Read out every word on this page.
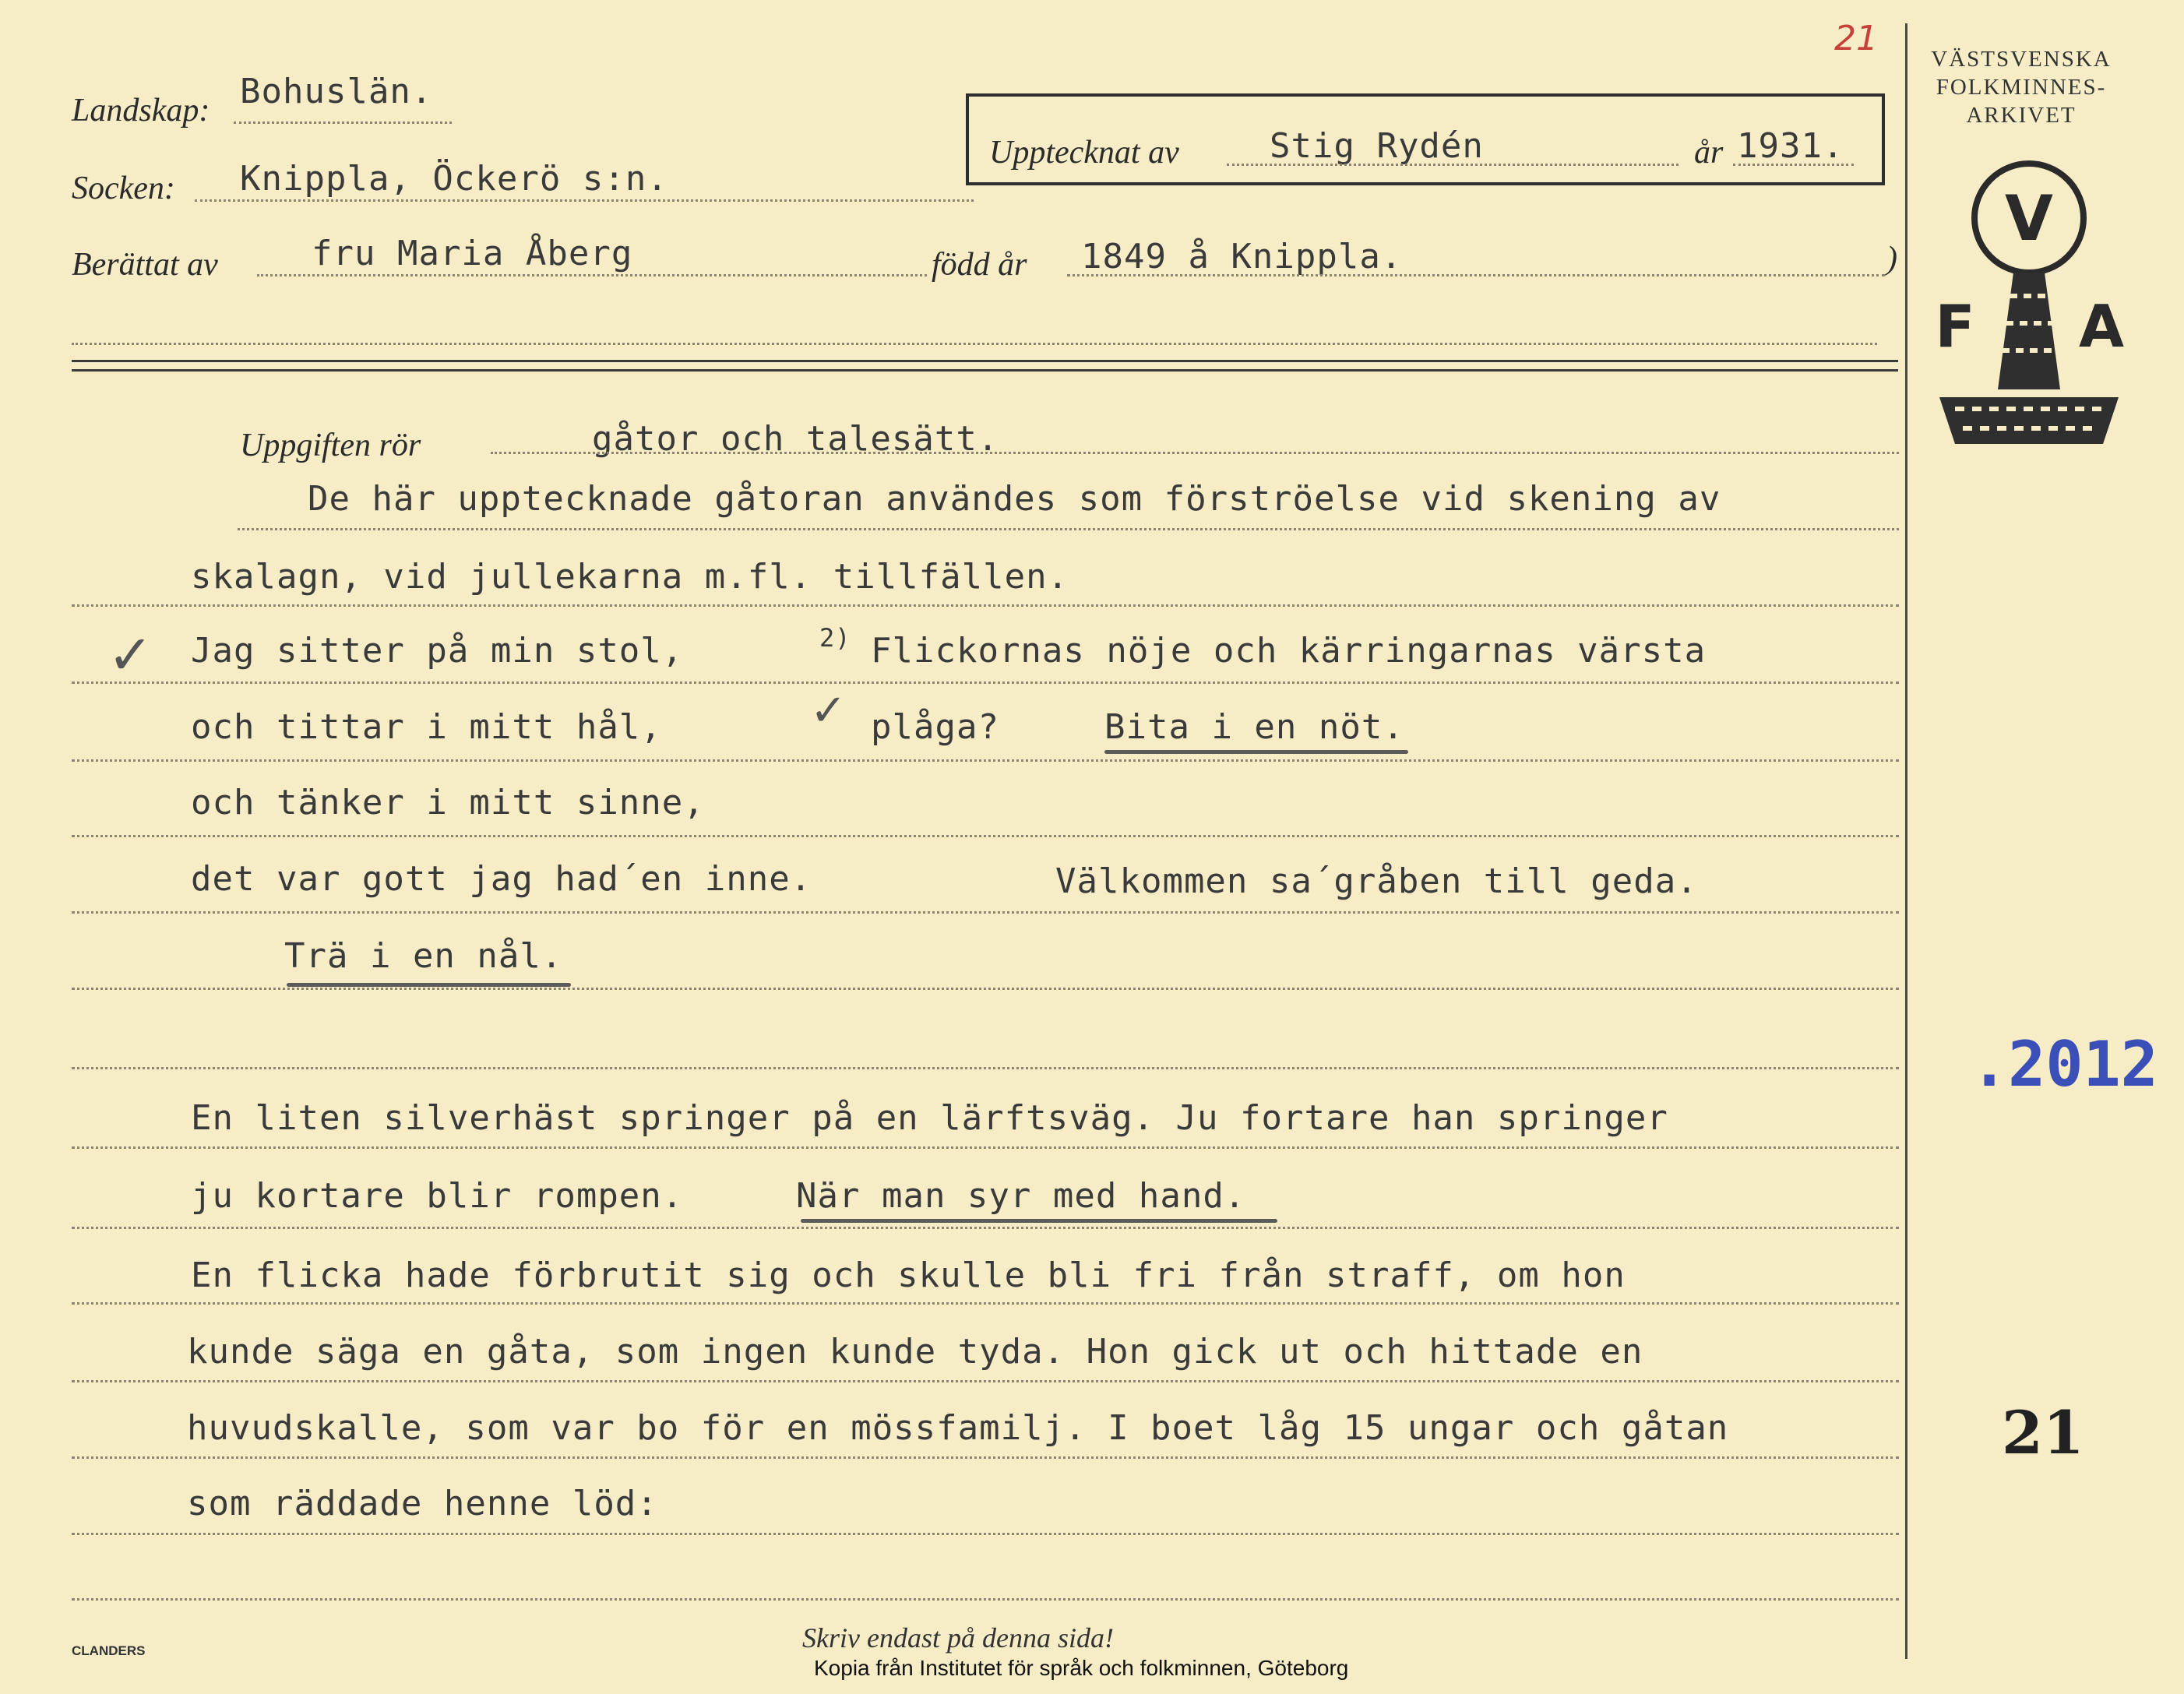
VÄSTSVENSKA
FOLKMINNES-
ARKIVET
V
F A
.2012
21
21
Landskap: Bohuslän.
Socken: Knippla, Öckerö s:n.
Upptecknat av	Stig Rydén	år 1931.
Berättat av	fru Maria Åberg	född år 1849 å Knippla.	)
Uppgiften rör	gåtor och talesätt.
De här upptecknade gåtoran användes som förströelse vid skening av
skalagn, vid jullekarna m.fl. tillfällen.
✓ Jag sitter på min stol,	2) Flickornas nöje och kärringarnas värsta
✓
och tittar i mitt hål,	plåga?	Bita i en nöt.
och tänker i mitt sinne,
det var gott jag had´en inne.	Välkommen sa´gråben till geda.
Trä i en nål.
En liten silverhäst springer på en lärftsväg. Ju fortare han springer
ju kortare blir rompen.	När man syr med hand.
En flicka hade förbrutit sig och skulle bli fri från straff, om hon
kunde säga en gåta, som ingen kunde tyda. Hon gick ut och hittade en
huvudskalle, som var bo för en mössfamilj. I boet låg 15 ungar och gåtan
som räddade henne löd:
Skriv endast på denna sida!
Kopia från Institutet för språk och folkminnen, Göteborg
CLANDERS
